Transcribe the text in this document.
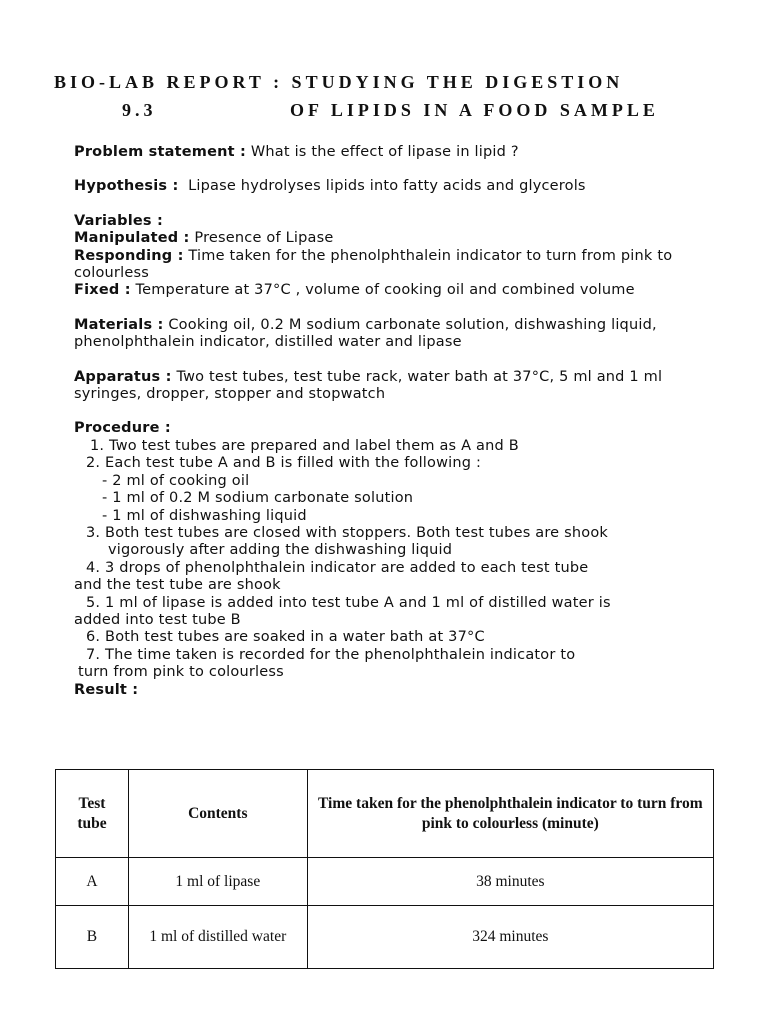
BIO-LAB REPORT : STUDYING THE DIGESTION
9.3	OF LIPIDS IN A FOOD SAMPLE

Problem statement : What is the effect of lipase in lipid ?

Hypothesis : Lipase hydrolyses lipids into fatty acids and glycerols

Variables :

Manipulated : Presence of Lipase

Responding : Time taken for the phenolphthalein indicator to turn from pink to colourless

Fixed : Temperature at 37°C , volume of cooking oil and combined volume

Materials : Cooking oil, 0.2 M sodium carbonate solution, dishwashing liquid, phenolphthalein indicator, distilled water and lipase

Apparatus : Two test tubes, test tube rack, water bath at 37°C, 5 ml and 1 ml syringes, dropper, stopper and stopwatch

Procedure :

1. Two test tubes are prepared and label them as A and B

2. Each test tube A and B is filled with the following :

- 2 ml of cooking oil

- 1 ml of 0.2 M sodium carbonate solution

- 1 ml of dishwashing liquid

3. Both test tubes are closed with stoppers. Both test tubes are shook

vigorously after adding the dishwashing liquid

4. 3 drops of phenolphthalein indicator are added to each test tube

and the test tube are shook

5. 1 ml of lipase is added into test tube A and 1 ml of distilled water is

added into test tube B

6. Both test tubes are soaked in a water bath at 37°C

7. The time taken is recorded for the phenolphthalein indicator to

turn from pink to colourless

Result :

Test tube	Contents	Time taken for the phenolphthalein indicator to turn from pink to colourless (minute)
A	1 ml of lipase	38 minutes
B	1 ml of distilled water	324 minutes
